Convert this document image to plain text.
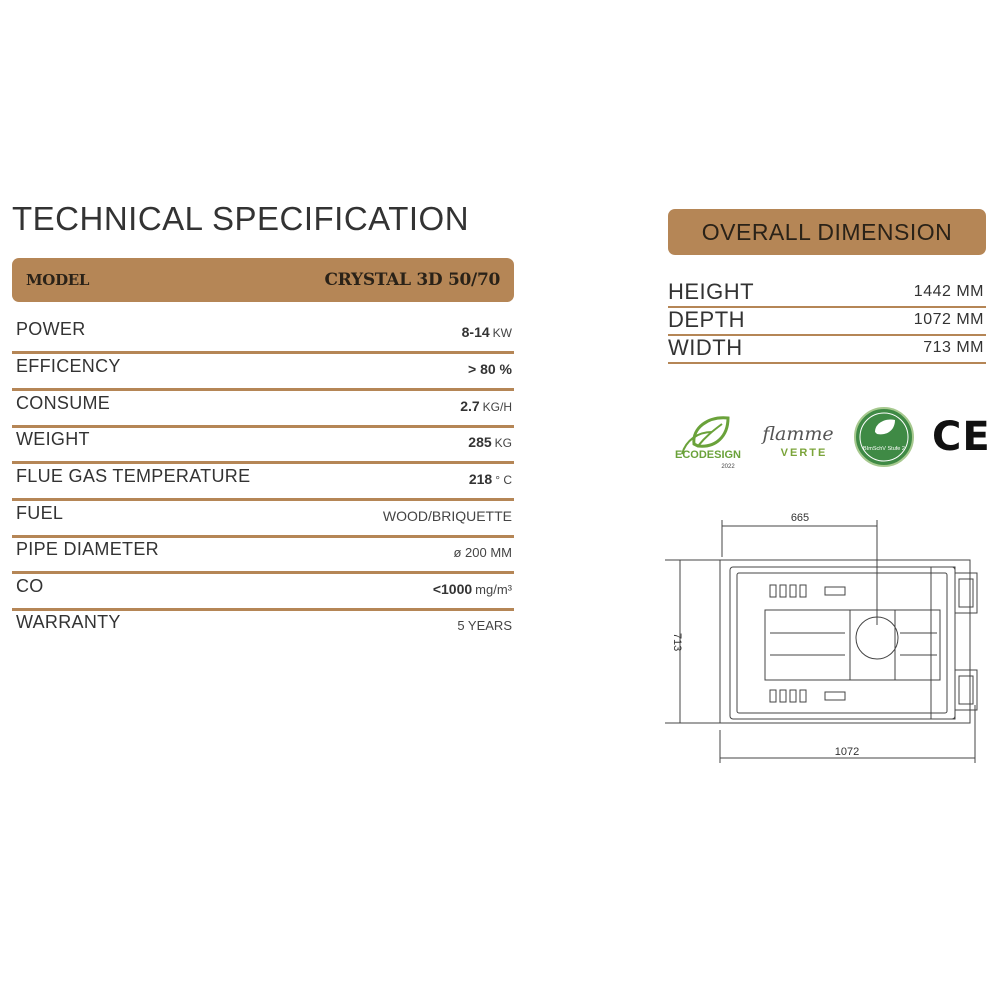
TECHNICAL SPECIFICATION
MODEL	CRYSTAL 3D 50/70
POWER	8-14 KW
EFFICENCY	> 80 %
CONSUME	2.7 KG/H
WEIGHT	285 KG
FLUE GAS TEMPERATURE	218 ° C
FUEL	WOOD/BRIQUETTE
PIPE DIAMETER	ø 200 MM
CO	<1000 mg/m³
WARRANTY	5 YEARS
OVERALL DIMENSION
HEIGHT	1442 MM
DEPTH	1072 MM
WIDTH	713 MM
ECODESIGN
2022
flamme
VERTE	BImSchV Stufe 2 CE
665
713
1072
